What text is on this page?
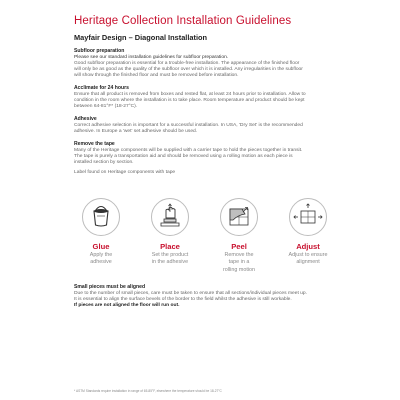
Heritage Collection Installation Guidelines
Mayfair Design – Diagonal Installation

Subfloor preparation

Please see our standard installation guidelines for subfloor preparation.

Good subfloor preparation is essential for a trouble-free installation. The appearance of the finished floor

will only be as good as the quality of the subfloor over which it is installed. Any irregularities in the subfloor

will show through the finished floor and must be removed before installation.

Acclimate for 24 hours

Ensure that all product is removed from boxes and rested flat, at least 24 hours prior to installation. Allow to

condition in the room where the installation is to take place. Room temperature and product should be kept

between 64-81°F* (18-27°C).

Adhesive

Correct adhesive selection is important for a successful installation. In USA, 'Dry Set' is the recommended

adhesive. In Europe a 'wet' set adhesive should be used.

Remove the tape

Many of the Heritage components will be supplied with a carrier tape to hold the pieces together in transit.

The tape is purely a transportation aid and should be removed using a rolling motion as each piece is

installed section by section.

Label found on Heritage components with tape

Glue
Apply the
adhesive
Place
Set the product
in the adhesive
Peel
Remove the
tape in a
rolling motion
Adjust
Adjust to ensure
alignment

Small pieces must be aligned

Due to the number of small pieces, care must be taken to ensure that all sections/individual pieces meet up.

It is essential to align the surface bevels of the border to the field whilst the adhesive is still workable.

If pieces are not aligned the floor will run out.

* ASTM Standards require installation in range of 65-85°F, elsewhere the temperature should be 18-27°C
